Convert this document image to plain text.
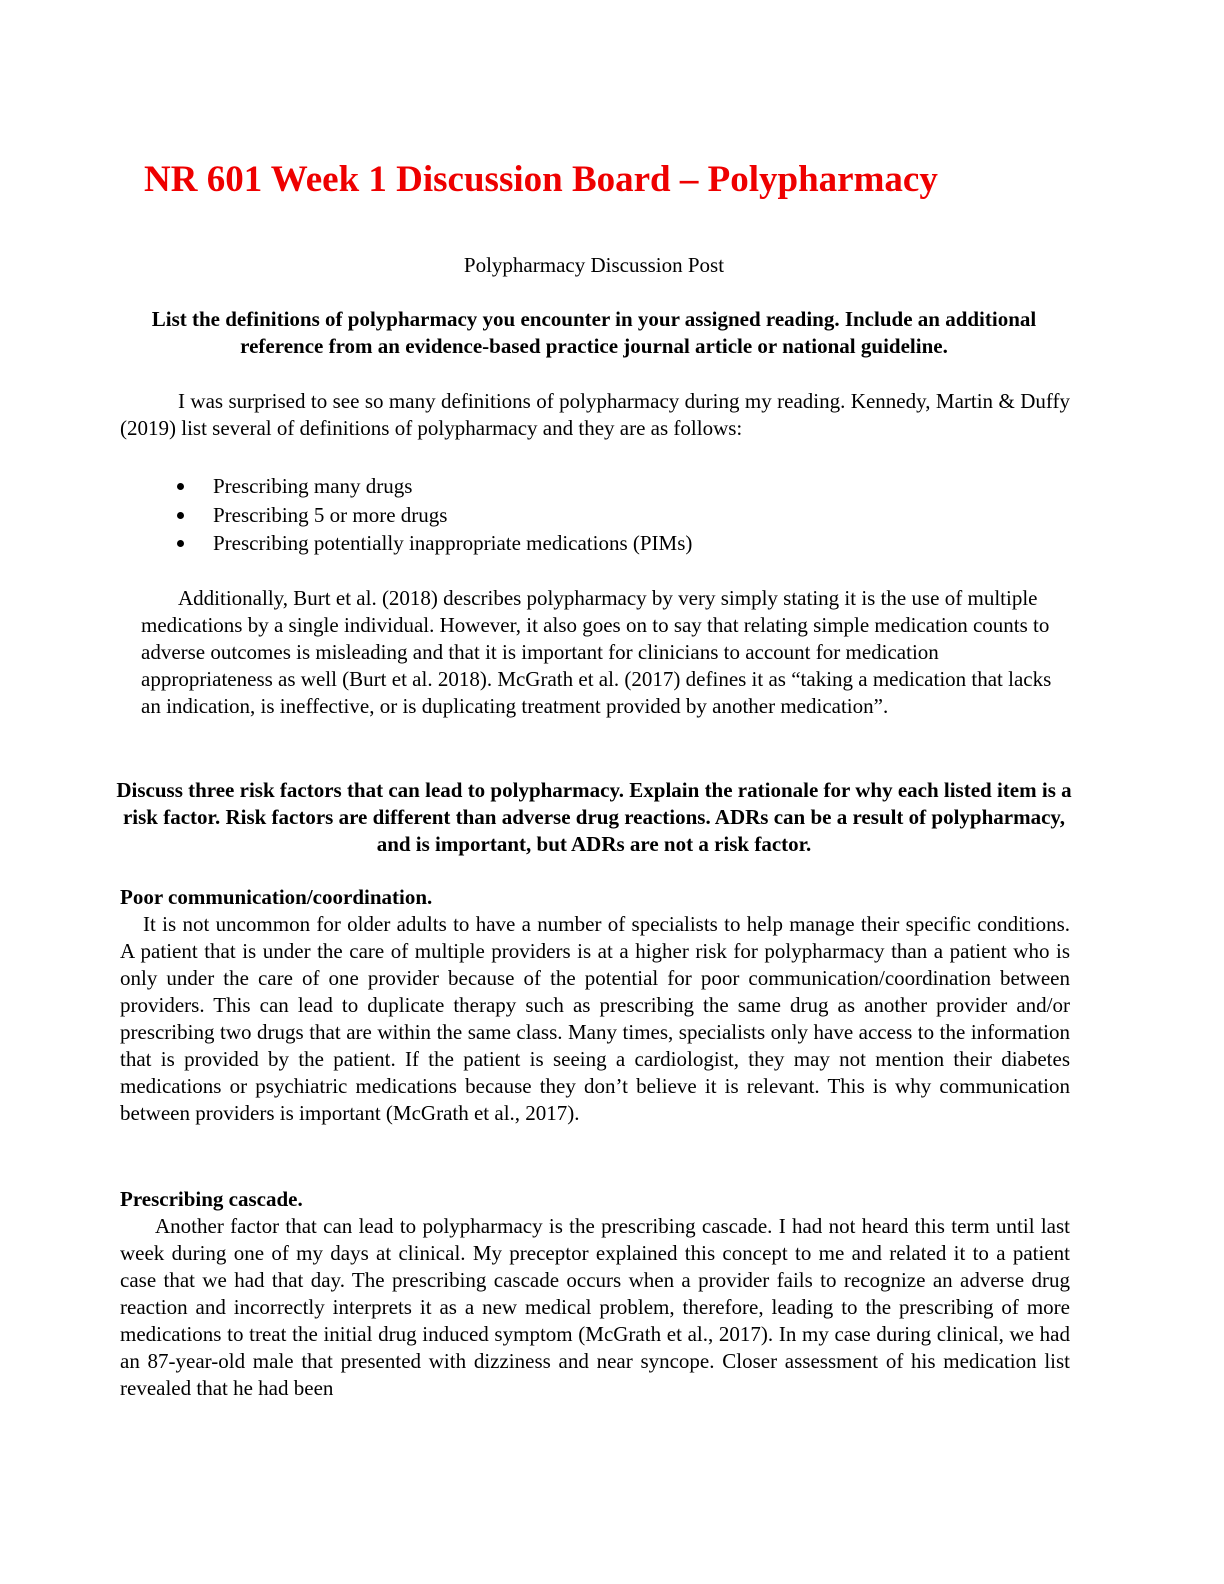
NR 601 Week 1 Discussion Board – Polypharmacy
Polypharmacy Discussion Post
List the definitions of polypharmacy you encounter in your assigned reading. Include an additional reference from an evidence-based practice journal article or national guideline.
I was surprised to see so many definitions of polypharmacy during my reading. Kennedy, Martin & Duffy (2019) list several of definitions of polypharmacy and they are as follows:
Prescribing many drugs
Prescribing 5 or more drugs
Prescribing potentially inappropriate medications (PIMs)
Additionally, Burt et al. (2018) describes polypharmacy by very simply stating it is the use of multiple medications by a single individual. However, it also goes on to say that relating simple medication counts to adverse outcomes is misleading and that it is important for clinicians to account for medication appropriateness as well (Burt et al. 2018). McGrath et al. (2017) defines it as “taking a medication that lacks an indication, is ineffective, or is duplicating treatment provided by another medication”.
Discuss three risk factors that can lead to polypharmacy. Explain the rationale for why each listed item is a risk factor. Risk factors are different than adverse drug reactions. ADRs can be a result of polypharmacy, and is important, but ADRs are not a risk factor.
Poor communication/coordination.
It is not uncommon for older adults to have a number of specialists to help manage their specific conditions. A patient that is under the care of multiple providers is at a higher risk for polypharmacy than a patient who is only under the care of one provider because of the potential for poor communication/coordination between providers. This can lead to duplicate therapy such as prescribing the same drug as another provider and/or prescribing two drugs that are within the same class. Many times, specialists only have access to the information that is provided by the patient. If the patient is seeing a cardiologist, they may not mention their diabetes medications or psychiatric medications because they don’t believe it is relevant. This is why communication between providers is important (McGrath et al., 2017).
Prescribing cascade.
Another factor that can lead to polypharmacy is the prescribing cascade. I had not heard this term until last week during one of my days at clinical. My preceptor explained this concept to me and related it to a patient case that we had that day. The prescribing cascade occurs when a provider fails to recognize an adverse drug reaction and incorrectly interprets it as a new medical problem, therefore, leading to the prescribing of more medications to treat the initial drug induced symptom (McGrath et al., 2017). In my case during clinical, we had an 87-year-old male that presented with dizziness and near syncope. Closer assessment of his medication list revealed that he had been
